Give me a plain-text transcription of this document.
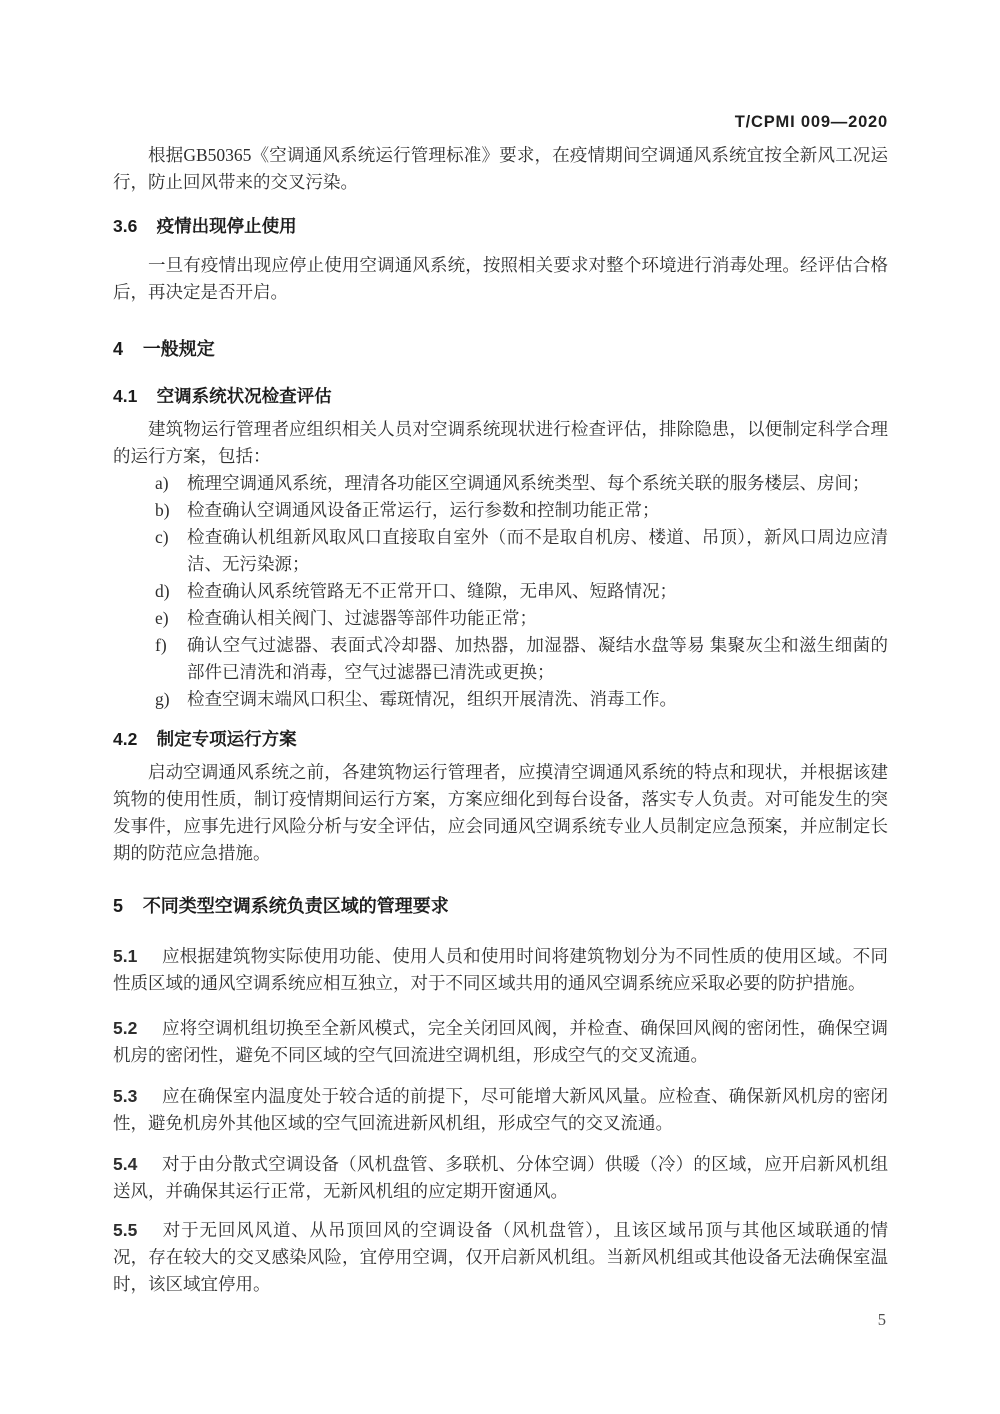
T/CPMI 009—2020

根据GB50365《空调通风系统运行管理标准》要求，在疫情期间空调通风系统宜按全新风工况运行，防止回风带来的交叉污染。

3.6 疫情出现停止使用

一旦有疫情出现应停止使用空调通风系统，按照相关要求对整个环境进行消毒处理。经评估合格后，再决定是否开启。

4 一般规定
4.1 空调系统状况检查评估

建筑物运行管理者应组织相关人员对空调系统现状进行检查评估，排除隐患，以便制定科学合理的运行方案，包括：

a) 梳理空调通风系统，理清各功能区空调通风系统类型、每个系统关联的服务楼层、房间；
b) 检查确认空调通风设备正常运行，运行参数和控制功能正常；
c) 检查确认机组新风取风口直接取自室外（而不是取自机房、楼道、吊顶），新风口周边应清洁、无污染源；
d) 检查确认风系统管路无不正常开口、缝隙，无串风、短路情况；
e) 检查确认相关阀门、过滤器等部件功能正常；
f) 确认空气过滤器、表面式冷却器、加热器，加湿器、凝结水盘等易 集聚灰尘和滋生细菌的部件已清洗和消毒，空气过滤器已清洗或更换；
g) 检查空调末端风口积尘、霉斑情况，组织开展清洗、消毒工作。
4.2 制定专项运行方案

启动空调通风系统之前，各建筑物运行管理者，应摸清空调通风系统的特点和现状，并根据该建筑物的使用性质，制订疫情期间运行方案，方案应细化到每台设备，落实专人负责。对可能发生的突发事件，应事先进行风险分析与安全评估，应会同通风空调系统专业人员制定应急预案，并应制定长期的防范应急措施。

5 不同类型空调系统负责区域的管理要求

5.1 应根据建筑物实际使用功能、使用人员和使用时间将建筑物划分为不同性质的使用区域。不同性质区域的通风空调系统应相互独立，对于不同区域共用的通风空调系统应采取必要的防护措施。

5.2 应将空调机组切换至全新风模式，完全关闭回风阀，并检查、确保回风阀的密闭性，确保空调机房的密闭性，避免不同区域的空气回流进空调机组，形成空气的交叉流通。

5.3 应在确保室内温度处于较合适的前提下，尽可能增大新风风量。应检查、确保新风机房的密闭性，避免机房外其他区域的空气回流进新风机组，形成空气的交叉流通。

5.4 对于由分散式空调设备（风机盘管、多联机、分体空调）供暖（冷）的区域，应开启新风机组送风，并确保其运行正常，无新风机组的应定期开窗通风。

5.5 对于无回风风道、从吊顶回风的空调设备（风机盘管），且该区域吊顶与其他区域联通的情况，存在较大的交叉感染风险，宜停用空调，仅开启新风机组。当新风机组或其他设备无法确保室温时，该区域宜停用。

5
